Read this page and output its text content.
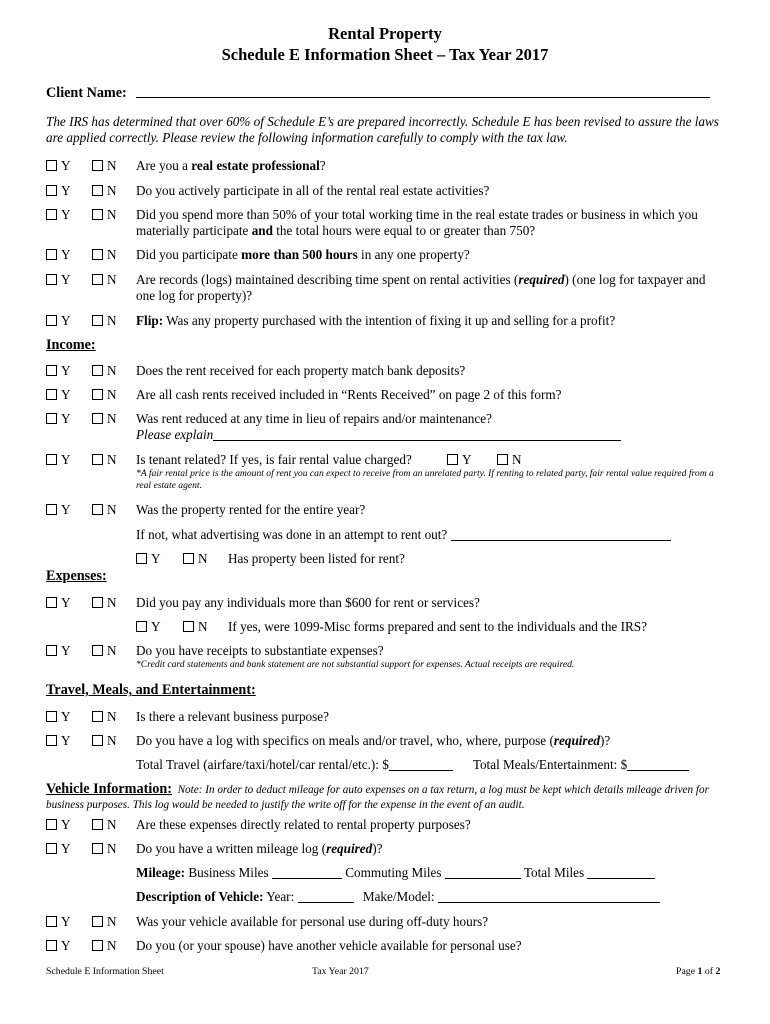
Rental Property
Schedule E Information Sheet – Tax Year 2017
Client Name:
The IRS has determined that over 60% of Schedule E’s are prepared incorrectly. Schedule E has been revised to assure the laws are applied correctly. Please review the following information carefully to comply with the tax law.
Y	N Are you a real estate professional?
Y	N Do you actively participate in all of the rental real estate activities?
Y	N Did you spend more than 50% of your total working time in the real estate trades or business in which you materially participate and the total hours were equal to or greater than 750?
Y	N Did you participate more than 500 hours in any one property?
Y	N Are records (logs) maintained describing time spent on rental activities (required) (one log for taxpayer and one log for property)?
Y	N Flip: Was any property purchased with the intention of fixing it up and selling for a profit?
Income:
Y	N Does the rent received for each property match bank deposits?
Y	N Are all cash rents received included in “Rents Received” on page 2 of this form?
Y	N Was rent reduced at any time in lieu of repairs and/or maintenance?
Please explain
Y	N Is tenant related? If yes, is fair rental value charged?	Y	N
*A fair rental price is the amount of rent you can expect to receive from an unrelated party. If renting to related party, fair rental value required from a real estate agent.
Y	N Was the property rented for the entire year?
If not, what advertising was done in an attempt to rent out?
Y	N Has property been listed for rent?
Expenses:
Y	N Did you pay any individuals more than $600 for rent or services?
Y	N If yes, were 1099-Misc forms prepared and sent to the individuals and the IRS?
Y	N Do you have receipts to substantiate expenses?
*Credit card statements and bank statement are not substantial support for expenses. Actual receipts are required.
Travel, Meals, and Entertainment:
Y	N Is there a relevant business purpose?
Y	N Do you have a log with specifics on meals and/or travel, who, where, purpose (required)?
Total Travel (airfare/taxi/hotel/car rental/etc.): $	Total Meals/Entertainment: $
Vehicle Information: Note: In order to deduct mileage for auto expenses on a tax return, a log must be kept which details mileage driven for business purposes. This log would be needed to justify the write off for the expense in the event of an audit.
Y	N Are these expenses directly related to rental property purposes?
Y	N Do you have a written mileage log (required)?
Mileage: Business Miles	Commuting Miles	Total Miles
Description of Vehicle: Year:	Make/Model:
Y	N Was your vehicle available for personal use during off-duty hours?
Y	N Do you (or your spouse) have another vehicle available for personal use?
Schedule E Information Sheet	Tax Year 2017	Page 1 of 2
